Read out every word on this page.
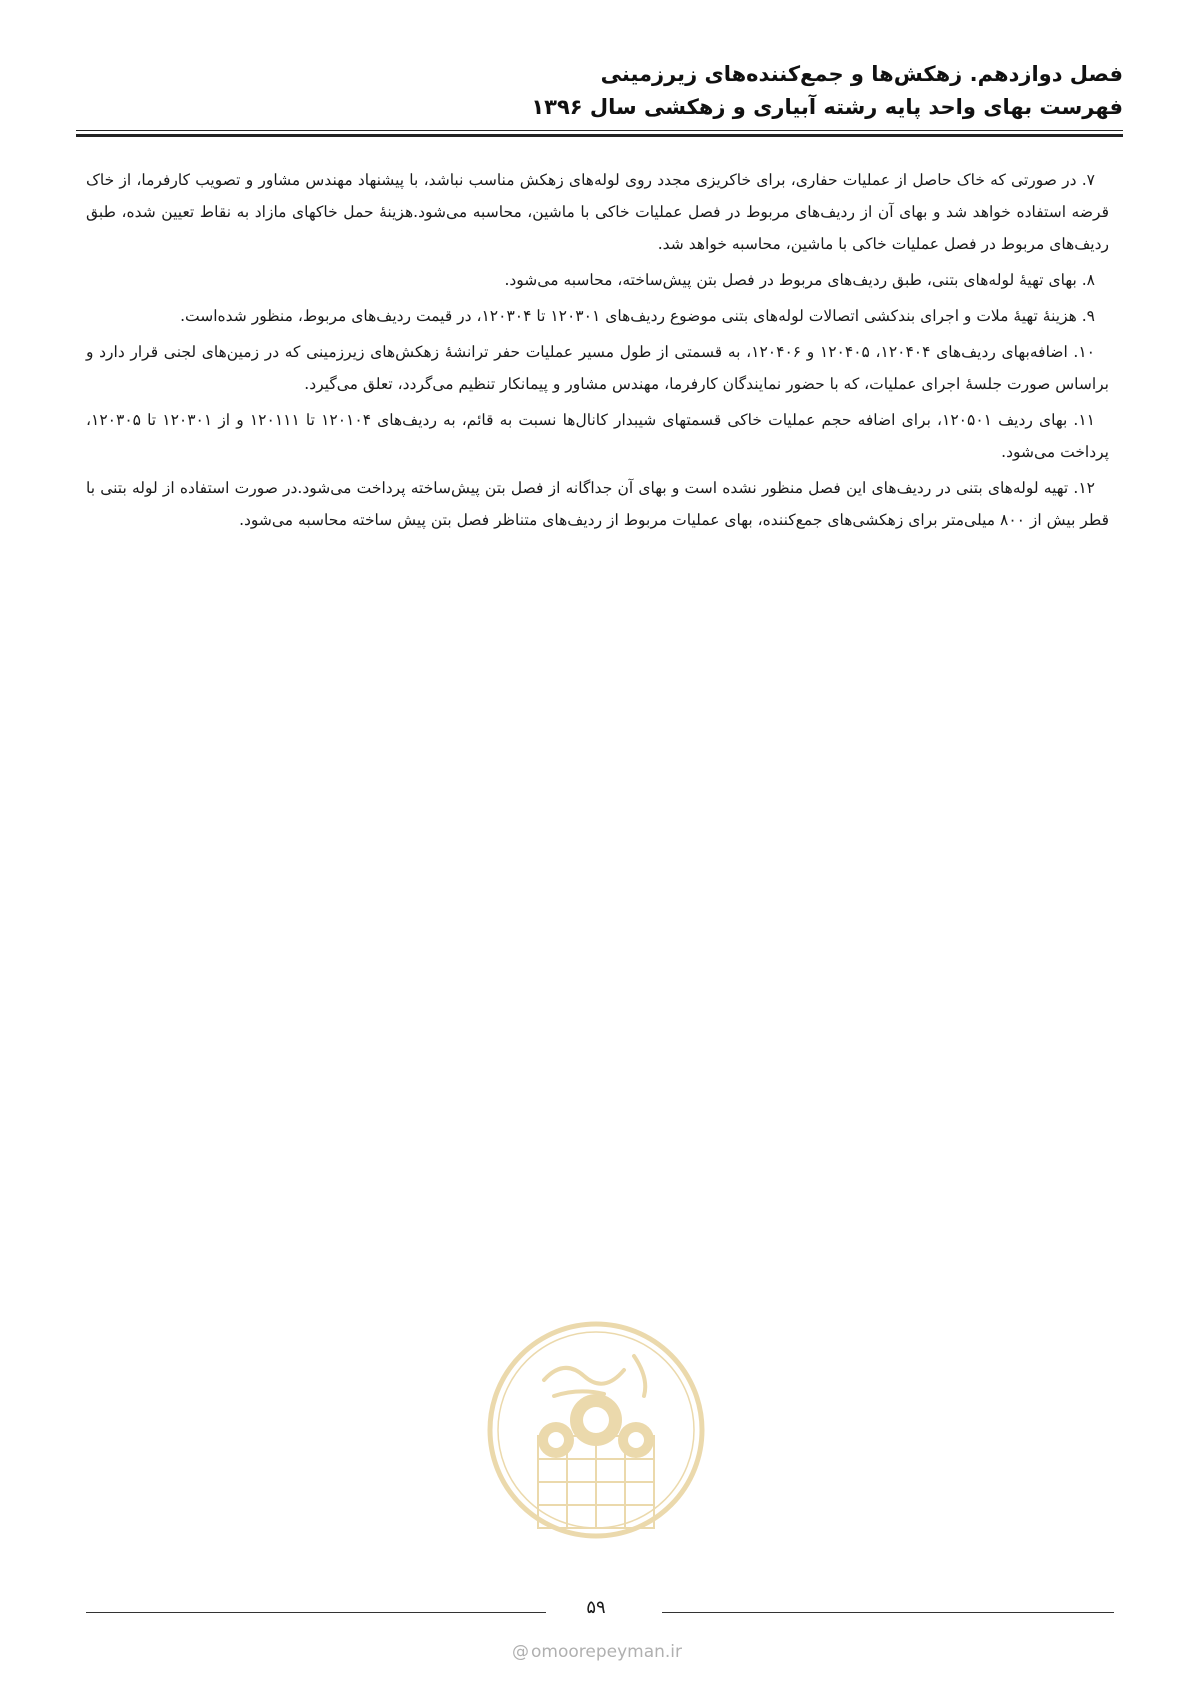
فصل دوازدهم. زهکش‌ها و جمع‌کننده‌های زیرزمینی
فهرست بهای واحد پایه رشته آبیاری و زهکشی سال ۱۳۹۶

۷. در صورتی که خاک حاصل از عملیات حفاری، برای خاکریزی مجدد روی لوله‌های زهکش مناسب نباشد، با پیشنهاد مهندس مشاور و تصویب کارفرما، از خاک قرضه استفاده خواهد شد و بهای آن از ردیف‌های مربوط در فصل عملیات خاکی با ماشین، محاسبه می‌شود.هزینهٔ حمل خاکهای مازاد به نقاط تعیین شده، طبق ردیف‌های مربوط در فصل عملیات خاکی با ماشین، محاسبه خواهد شد.

۸. بهای تهیهٔ لوله‌های بتنی، طبق ردیف‌های مربوط در فصل بتن پیش‌ساخته، محاسبه می‌شود.

۹. هزینهٔ تهیهٔ ملات و اجرای بندکشی اتصالات لوله‌های بتنی موضوع ردیف‌های ۱۲۰۳۰۱ تا ۱۲۰۳۰۴، در قیمت ردیف‌های مربوط، منظور شده‌است.

۱۰. اضافه‌بهای ردیف‌های ۱۲۰۴۰۴، ۱۲۰۴۰۵ و ۱۲۰۴۰۶، به قسمتی از طول مسیر عملیات حفر ترانشهٔ زهکش‌های زیرزمینی که در زمین‌های لجنی قرار دارد و براساس صورت جلسهٔ اجرای عملیات، که با حضور نمایندگان کارفرما، مهندس مشاور و پیمانکار تنظیم می‌گردد، تعلق می‌گیرد.

۱۱. بهای ردیف ۱۲۰۵۰۱، برای اضافه حجم عملیات خاکی قسمتهای شیبدار کانال‌ها نسبت به قائم، به ردیف‌های ۱۲۰۱۰۴ تا ۱۲۰۱۱۱ و از ۱۲۰۳۰۱ تا ۱۲۰۳۰۵، پرداخت می‌شود.

۱۲. تهیه لوله‌های بتنی در ردیف‌های این فصل منظور نشده است و بهای آن جداگانه از فصل بتن پیش‌ساخته پرداخت می‌شود.در صورت استفاده از لوله بتنی با قطر بیش از ۸۰۰ میلی‌متر برای زهکشی‌های جمع‌کننده، بهای عملیات مربوط از ردیف‌های متناظر فصل بتن پیش ساخته محاسبه می‌شود.

۵۹
@ omoorepeyman.ir
